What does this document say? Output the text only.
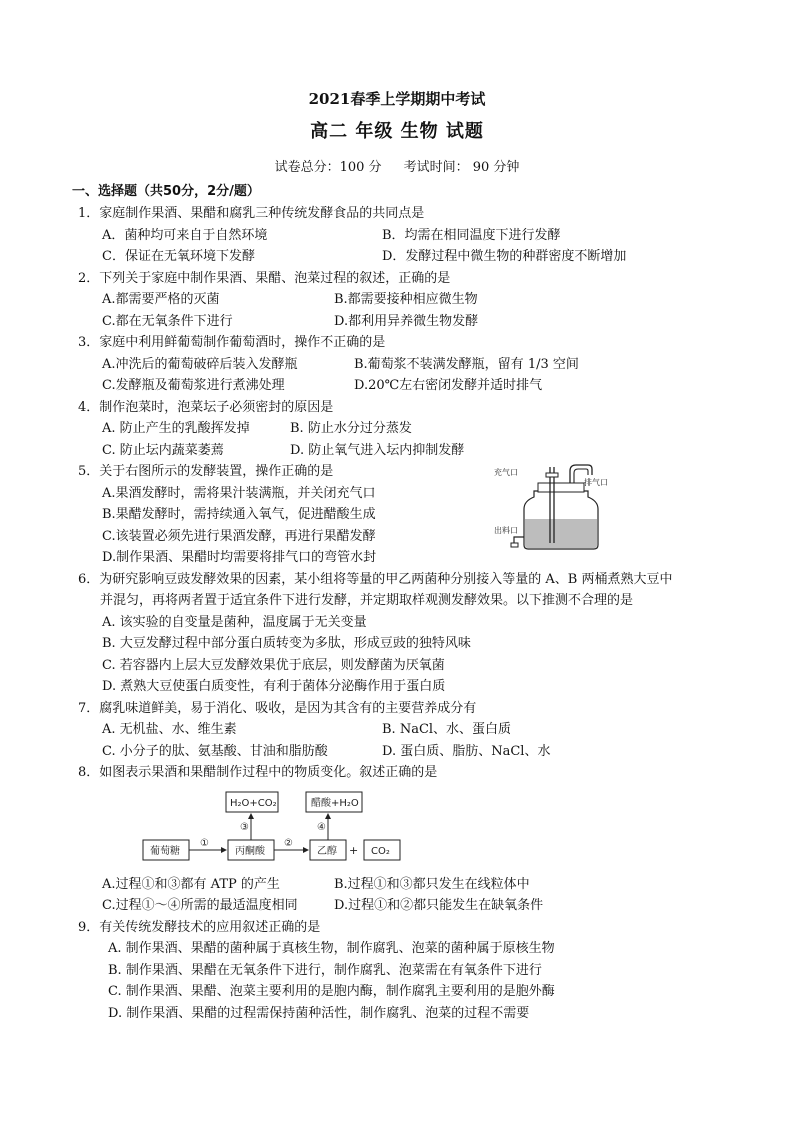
2021春季上学期期中考试
高二 年级 生物 试题
试卷总分：100 分 考试时间： 90 分钟
一、选择题（共50分，2分/题）
1．家庭制作果酒、果醋和腐乳三种传统发酵食品的共同点是
A．菌种均可来自于自然环境	B．均需在相同温度下进行发酵
C．保证在无氧环境下发酵	D．发酵过程中微生物的种群密度不断增加
2．下列关于家庭中制作果酒、果醋、泡菜过程的叙述，正确的是
A.都需要严格的灭菌	B.都需要接种相应微生物
C.都在无氧条件下进行	D.都利用异养微生物发酵
3．家庭中利用鲜葡萄制作葡萄酒时，操作不正确的是
A.冲洗后的葡萄破碎后装入发酵瓶	B.葡萄浆不装满发酵瓶，留有 1/3 空间
C.发酵瓶及葡萄浆进行煮沸处理	D.20℃左右密闭发酵并适时排气
4．制作泡菜时，泡菜坛子必须密封的原因是
A. 防止产生的乳酸挥发掉	B. 防止水分过分蒸发
C. 防止坛内蔬菜萎蔫	D. 防止氧气进入坛内抑制发酵
5．关于右图所示的发酵装置，操作正确的是
A.果酒发酵时，需将果汁装满瓶，并关闭充气口
B.果醋发酵时，需持续通入氧气，促进醋酸生成
C.该装置必须先进行果酒发酵，再进行果醋发酵
D.制作果酒、果醋时均需要将排气口的弯管水封
充气口
排气口
出料口
6．为研究影响豆豉发酵效果的因素，某小组将等量的甲乙两菌种分别接入等量的 A、B 两桶煮熟大豆中
并混匀，再将两者置于适宜条件下进行发酵，并定期取样观测发酵效果。以下推测不合理的是
A. 该实验的自变量是菌种，温度属于无关变量
B. 大豆发酵过程中部分蛋白质转变为多肽，形成豆豉的独特风味
C. 若容器内上层大豆发酵效果优于底层，则发酵菌为厌氧菌
D. 煮熟大豆使蛋白质变性，有利于菌体分泌酶作用于蛋白质
7．腐乳味道鲜美，易于消化、吸收，是因为其含有的主要营养成分有
A. 无机盐、水、维生素	B. NaCl、水、蛋白质
C. 小分子的肽、氨基酸、甘油和脂肪酸	D. 蛋白质、脂肪、NaCl、水
8．如图表示果酒和果醋制作过程中的物质变化。叙述正确的是
葡萄糖	丙酮酸	乙醇	CO₂
H₂O+CO₂	醋酸+H₂O
+
①	②
③	④
A.过程①和③都有 ATP 的产生	B.过程①和③都只发生在线粒体中
C.过程①～④所需的最适温度相同	D.过程①和②都只能发生在缺氧条件
9．有关传统发酵技术的应用叙述正确的是
A. 制作果酒、果醋的菌种属于真核生物，制作腐乳、泡菜的菌种属于原核生物
B. 制作果酒、果醋在无氧条件下进行，制作腐乳、泡菜需在有氧条件下进行
C. 制作果酒、果醋、泡菜主要利用的是胞内酶，制作腐乳主要利用的是胞外酶
D. 制作果酒、果醋的过程需保持菌种活性，制作腐乳、泡菜的过程不需要
